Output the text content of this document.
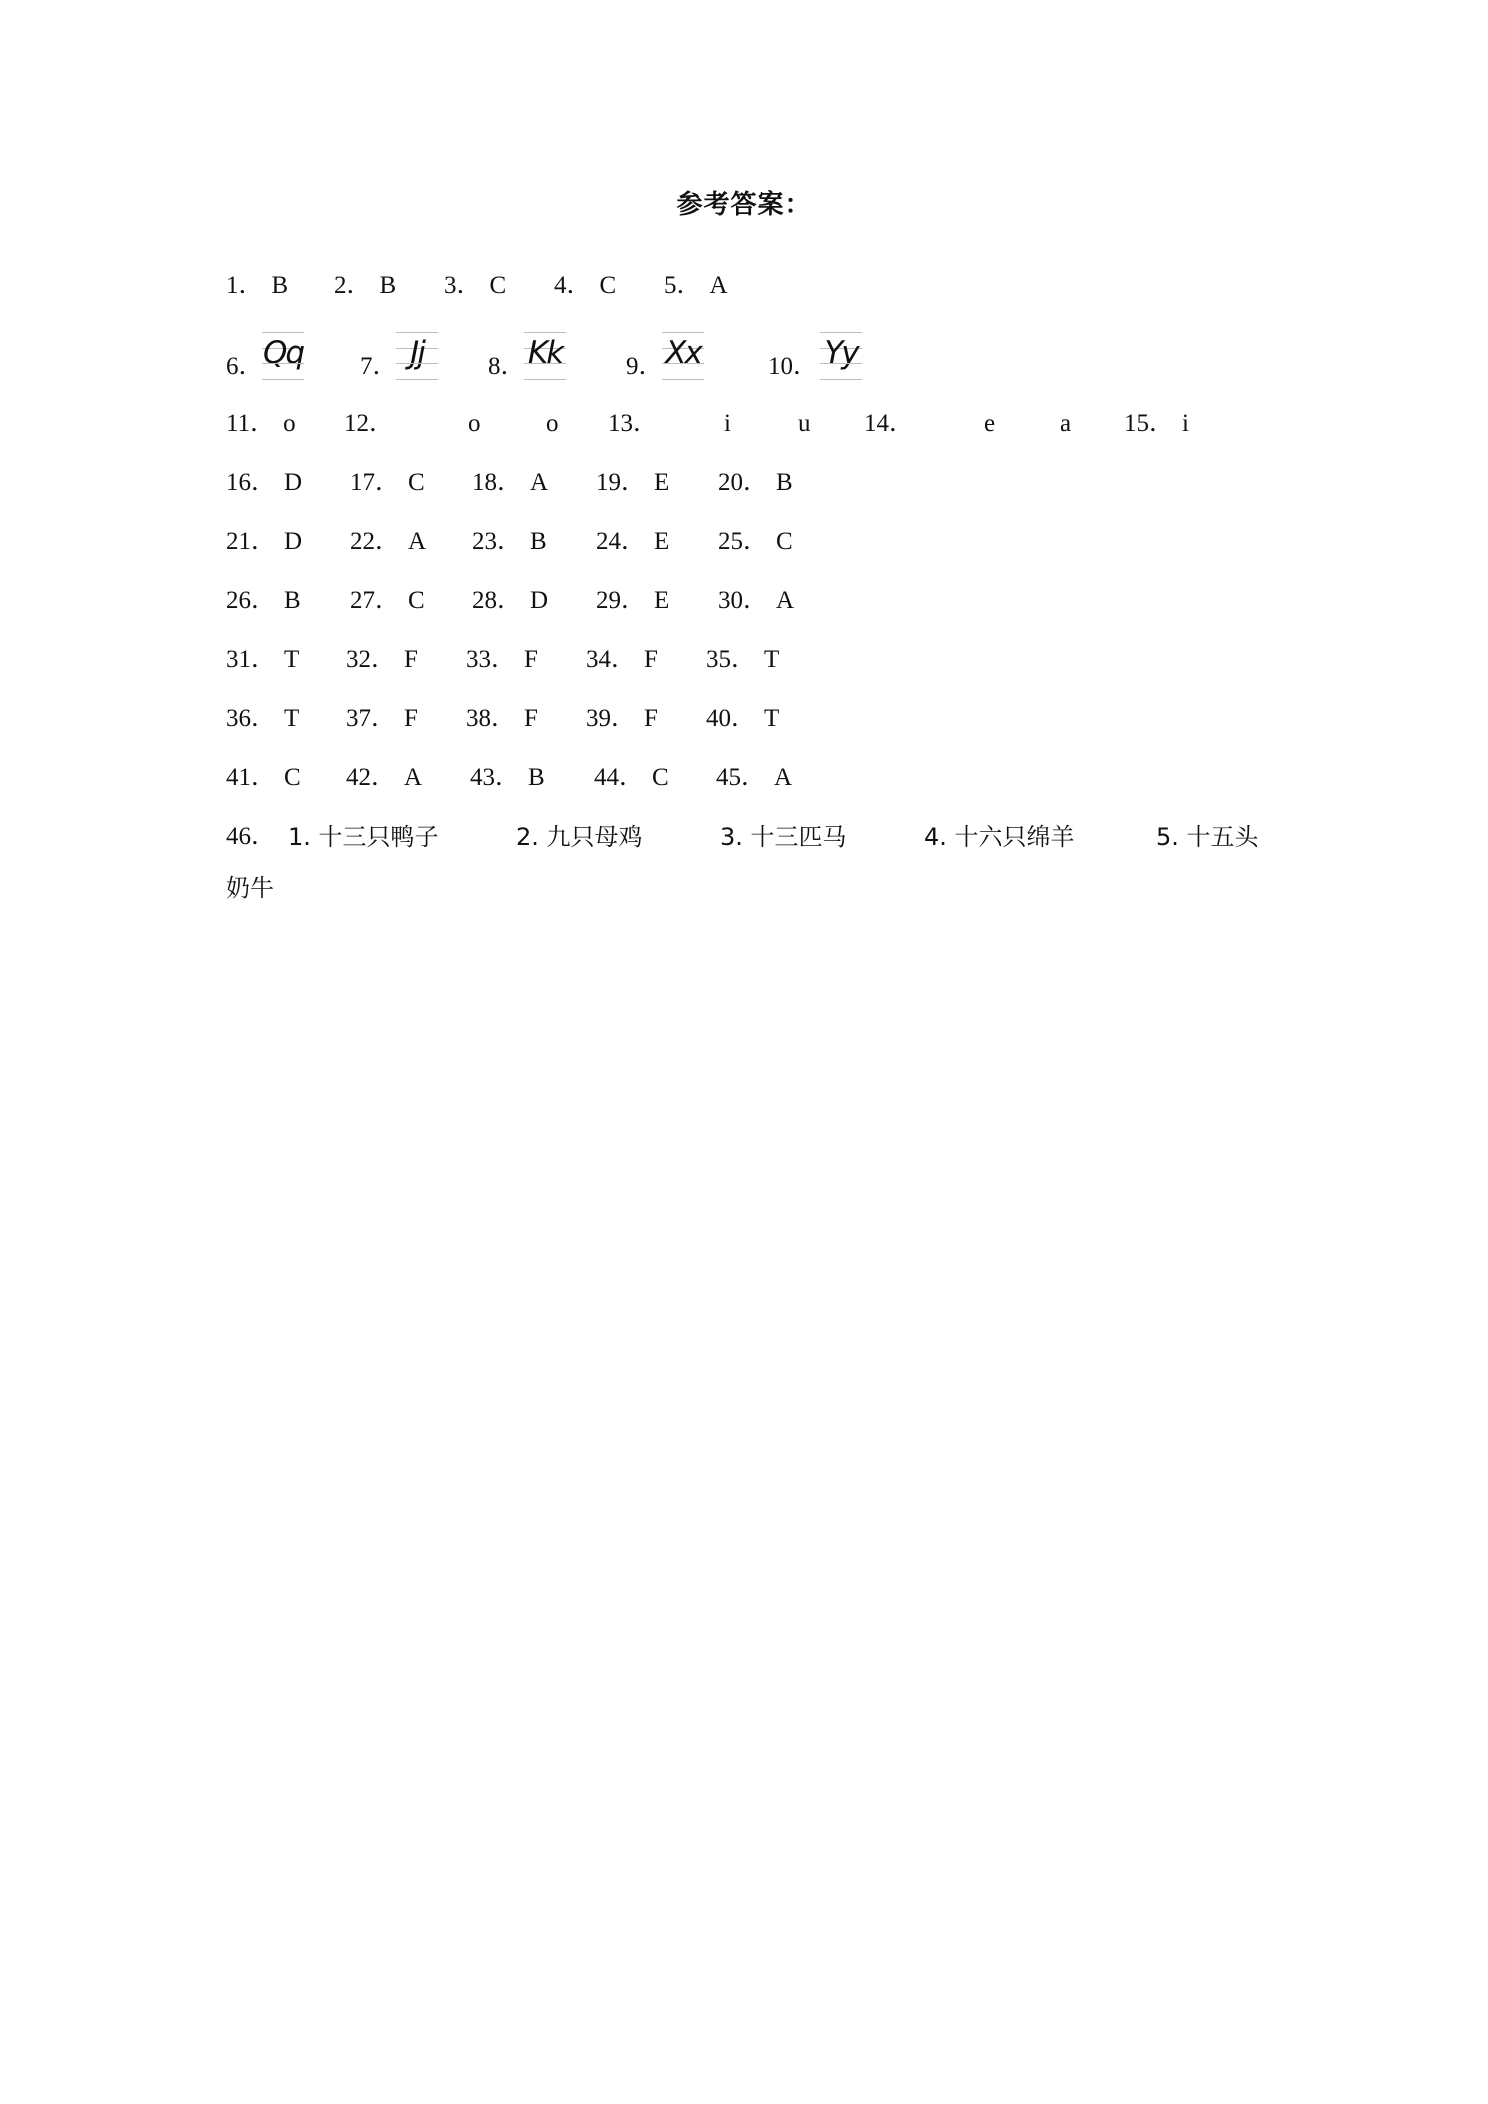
参考答案：
1． B 2． B 3． C 4． C 5． A
6． Qq 7． Jj	8． Kk	9． Xx	10． Yy
11． o 12．	o	o 13．	i	u 14．	e	a 15． i
16． D 17． C 18． A 19． E 20． B
21． D 22． A 23． B 24． E 25． C
26． B 27． C 28． D 29． E 30． A
31． T 32． F 33． F 34． F 35． T
36． T 37． F 38． F 39． F 40． T
41． C 42． A 43． B 44． C 45． A
46． 1. 十三只鸭子	2. 九只母鸡	3. 十三匹马	4. 十六只绵羊	5. 十五头
奶牛
